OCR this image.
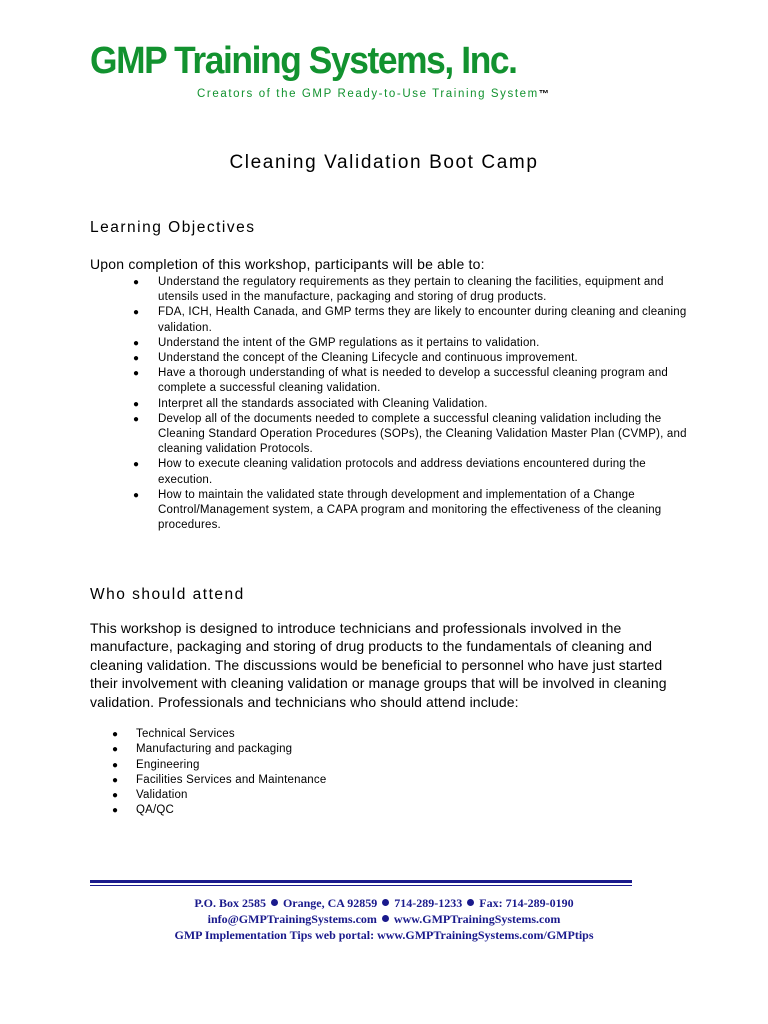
GMP Training Systems, Inc.

Creators of the GMP Ready-to-Use Training System™

Cleaning Validation Boot Camp
Learning Objectives

Upon completion of this workshop, participants will be able to:

● Understand the regulatory requirements as they pertain to cleaning the facilities, equipment and utensils used in the manufacture, packaging and storing of drug products.
● FDA, ICH, Health Canada, and GMP terms they are likely to encounter during cleaning and cleaning validation.
● Understand the intent of the GMP regulations as it pertains to validation.
● Understand the concept of the Cleaning Lifecycle and continuous improvement.
● Have a thorough understanding of what is needed to develop a successful cleaning program and complete a successful cleaning validation.
● Interpret all the standards associated with Cleaning Validation.
● Develop all of the documents needed to complete a successful cleaning validation including the Cleaning Standard Operation Procedures (SOPs), the Cleaning Validation Master Plan (CVMP), and cleaning validation Protocols.
● How to execute cleaning validation protocols and address deviations encountered during the execution.
● How to maintain the validated state through development and implementation of a Change Control/Management system, a CAPA program and monitoring the effectiveness of the cleaning procedures.
Who should attend

This workshop is designed to introduce technicians and professionals involved in the manufacture, packaging and storing of drug products to the fundamentals of cleaning and cleaning validation. The discussions would be beneficial to personnel who have just started their involvement with cleaning validation or manage groups that will be involved in cleaning validation. Professionals and technicians who should attend include:

● Technical Services
● Manufacturing and packaging
● Engineering
● Facilities Services and Maintenance
● Validation
● QA/QC
P.O. Box 2585 Orange, CA 92859 714-289-1233 Fax: 714-289-0190
info@GMPTrainingSystems.com www.GMPTrainingSystems.com
GMP Implementation Tips web portal: www.GMPTrainingSystems.com/GMPtips
